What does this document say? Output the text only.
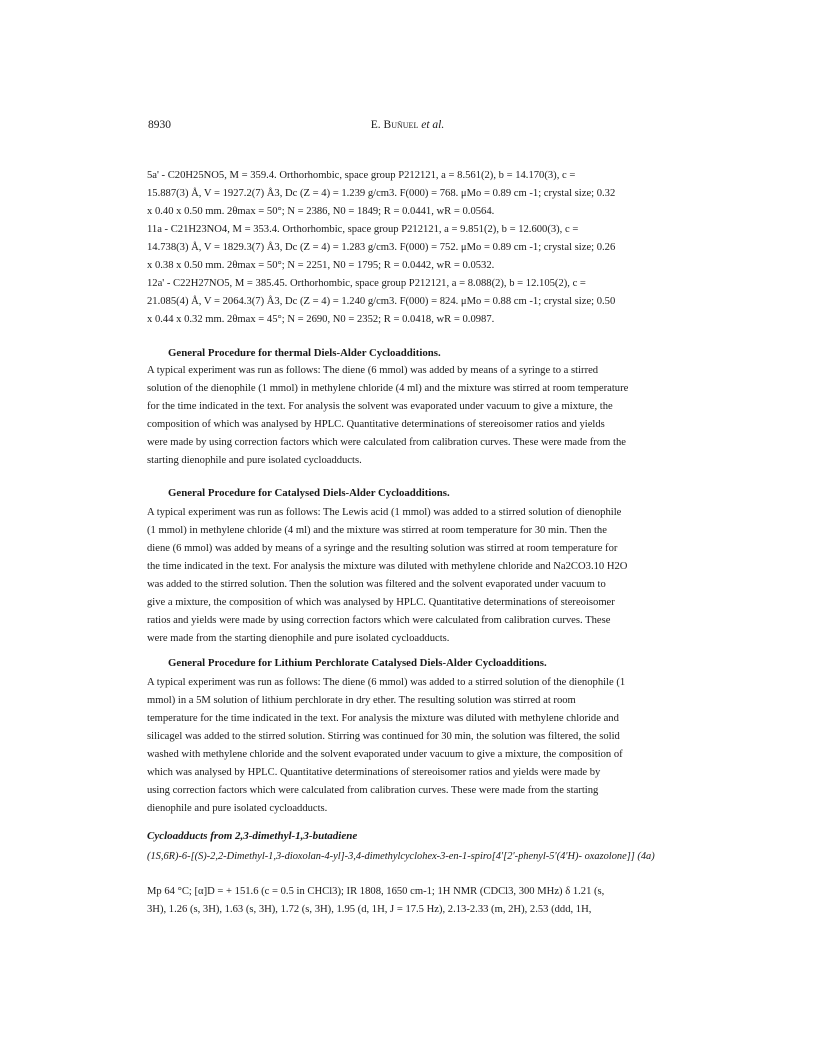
8930	E. Buñuel et al.
5a' - C20H25NO5, M = 359.4. Orthorhombic, space group P212121, a = 8.561(2), b = 14.170(3), c =
15.887(3) Å, V = 1927.2(7) Å3, Dc (Z = 4) = 1.239 g/cm3. F(000) = 768. μMo = 0.89 cm -1; crystal size; 0.32
x 0.40 x 0.50 mm. 2θmax = 50°; N = 2386, N0 = 1849; R = 0.0441, wR = 0.0564.
11a - C21H23NO4, M = 353.4. Orthorhombic, space group P212121, a = 9.851(2), b = 12.600(3), c =
14.738(3) Å, V = 1829.3(7) Å3, Dc (Z = 4) = 1.283 g/cm3. F(000) = 752. μMo = 0.89 cm -1; crystal size; 0.26
x 0.38 x 0.50 mm. 2θmax = 50°; N = 2251, N0 = 1795; R = 0.0442, wR = 0.0532.
12a' - C22H27NO5, M = 385.45. Orthorhombic, space group P212121, a = 8.088(2), b = 12.105(2), c =
21.085(4) Å, V = 2064.3(7) Å3, Dc (Z = 4) = 1.240 g/cm3. F(000) = 824. μMo = 0.88 cm -1; crystal size; 0.50
x 0.44 x 0.32 mm. 2θmax = 45°; N = 2690, N0 = 2352; R = 0.0418, wR = 0.0987.
General Procedure for thermal Diels-Alder Cycloadditions.
A typical experiment was run as follows: The diene (6 mmol) was added by means of a syringe to a stirred
solution of the dienophile (1 mmol) in methylene chloride (4 ml) and the mixture was stirred at room temperature
for the time indicated in the text. For analysis the solvent was evaporated under vacuum to give a mixture, the
composition of which was analysed by HPLC. Quantitative determinations of stereoisomer ratios and yields
were made by using correction factors which were calculated from calibration curves. These were made from the
starting dienophile and pure isolated cycloadducts.
General Procedure for Catalysed Diels-Alder Cycloadditions.
A typical experiment was run as follows: The Lewis acid (1 mmol) was added to a stirred solution of dienophile
(1 mmol) in methylene chloride (4 ml) and the mixture was stirred at room temperature for 30 min. Then the
diene (6 mmol) was added by means of a syringe and the resulting solution was stirred at room temperature for
the time indicated in the text. For analysis the mixture was diluted with methylene chloride and Na2CO3.10 H2O
was added to the stirred solution. Then the solution was filtered and the solvent evaporated under vacuum to
give a mixture, the composition of which was analysed by HPLC. Quantitative determinations of stereoisomer
ratios and yields were made by using correction factors which were calculated from calibration curves. These
were made from the starting dienophile and pure isolated cycloadducts.
General Procedure for Lithium Perchlorate Catalysed Diels-Alder Cycloadditions.
A typical experiment was run as follows: The diene (6 mmol) was added to a stirred solution of the dienophile (1
mmol) in a 5M solution of lithium perchlorate in dry ether. The resulting solution was stirred at room
temperature for the time indicated in the text. For analysis the mixture was diluted with methylene chloride and
silicagel was added to the stirred solution. Stirring was continued for 30 min, the solution was filtered, the solid
washed with methylene chloride and the solvent evaporated under vacuum to give a mixture, the composition of
which was analysed by HPLC. Quantitative determinations of stereoisomer ratios and yields were made by
using correction factors which were calculated from calibration curves. These were made from the starting
dienophile and pure isolated cycloadducts.
Cycloadducts from 2,3-dimethyl-1,3-butadiene
(1S,6R)-6-[(S)-2,2-Dimethyl-1,3-dioxolan-4-yl]-3,4-dimethylcyclohex-3-en-1-spiro[4'[2'-phenyl-5'(4'H)- oxazolone]] (4a)
Mp 64 °C; [α]D = + 151.6 (c = 0.5 in CHCl3); IR 1808, 1650 cm-1; 1H NMR (CDCl3, 300 MHz) δ 1.21 (s,
3H), 1.26 (s, 3H), 1.63 (s, 3H), 1.72 (s, 3H), 1.95 (d, 1H, J = 17.5 Hz), 2.13-2.33 (m, 2H), 2.53 (ddd, 1H,
